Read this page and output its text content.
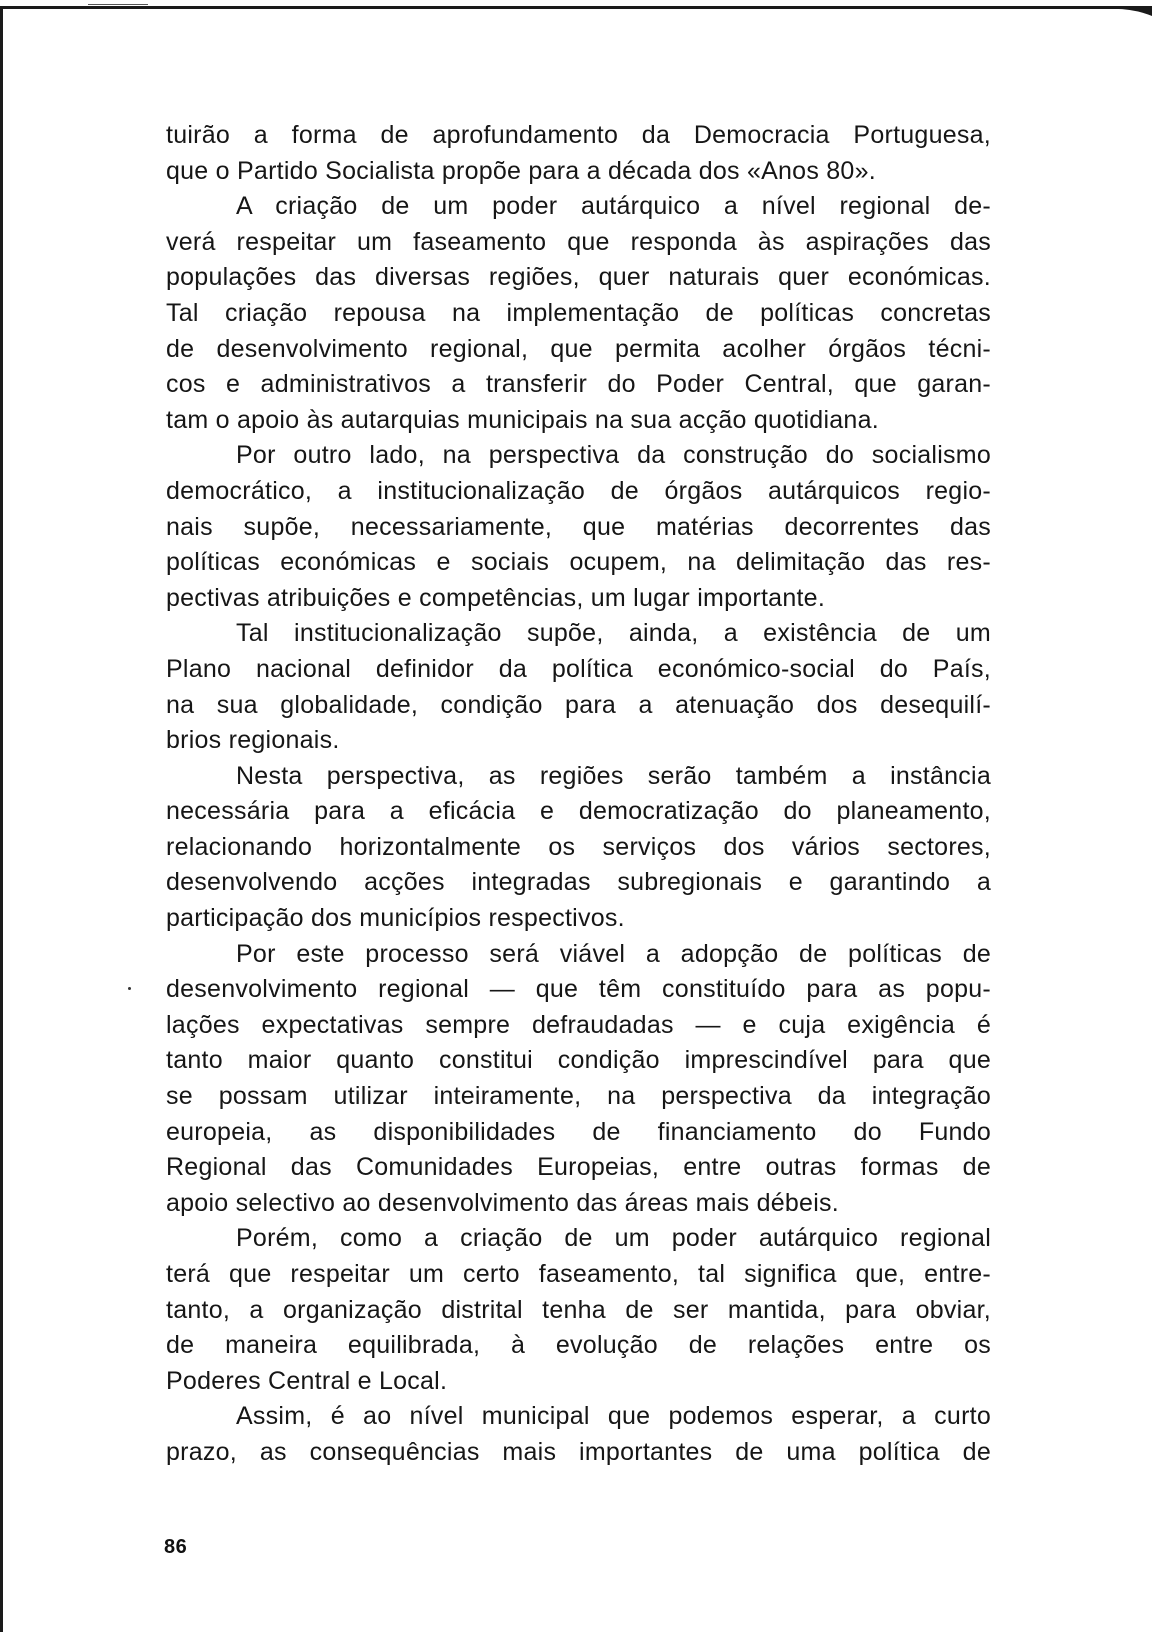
tuirão a forma de aprofundamento da Democracia Portuguesa,
que o Partido Socialista propõe para a década dos «Anos 80».
A criação de um poder autárquico a nível regional de-
verá respeitar um faseamento que responda às aspirações das
populações das diversas regiões, quer naturais quer económicas.
Tal criação repousa na implementação de políticas concretas
de desenvolvimento regional, que permita acolher órgãos técni-
cos e administrativos a transferir do Poder Central, que garan-
tam o apoio às autarquias municipais na sua acção quotidiana.
Por outro lado, na perspectiva da construção do socialismo
democrático, a institucionalização de órgãos autárquicos regio-
nais supõe, necessariamente, que matérias decorrentes das
políticas económicas e sociais ocupem, na delimitação das res-
pectivas atribuições e competências, um lugar importante.
Tal institucionalização supõe, ainda, a existência de um
Plano nacional definidor da política económico-social do País,
na sua globalidade, condição para a atenuação dos desequilí-
brios regionais.
Nesta perspectiva, as regiões serão também a instância
necessária para a eficácia e democratização do planeamento,
relacionando horizontalmente os serviços dos vários sectores,
desenvolvendo acções integradas subregionais e garantindo a
participação dos municípios respectivos.
Por este processo será viável a adopção de políticas de
desenvolvimento regional — que têm constituído para as popu-
lações expectativas sempre defraudadas — e cuja exigência é
tanto maior quanto constitui condição imprescindível para que
se possam utilizar inteiramente, na perspectiva da integração
europeia, as disponibilidades de financiamento do Fundo
Regional das Comunidades Europeias, entre outras formas de
apoio selectivo ao desenvolvimento das áreas mais débeis.
Porém, como a criação de um poder autárquico regional
terá que respeitar um certo faseamento, tal significa que, entre-
tanto, a organização distrital tenha de ser mantida, para obviar,
de maneira equilibrada, à evolução de relações entre os
Poderes Central e Local.
Assim, é ao nível municipal que podemos esperar, a curto
prazo, as consequências mais importantes de uma política de
86
